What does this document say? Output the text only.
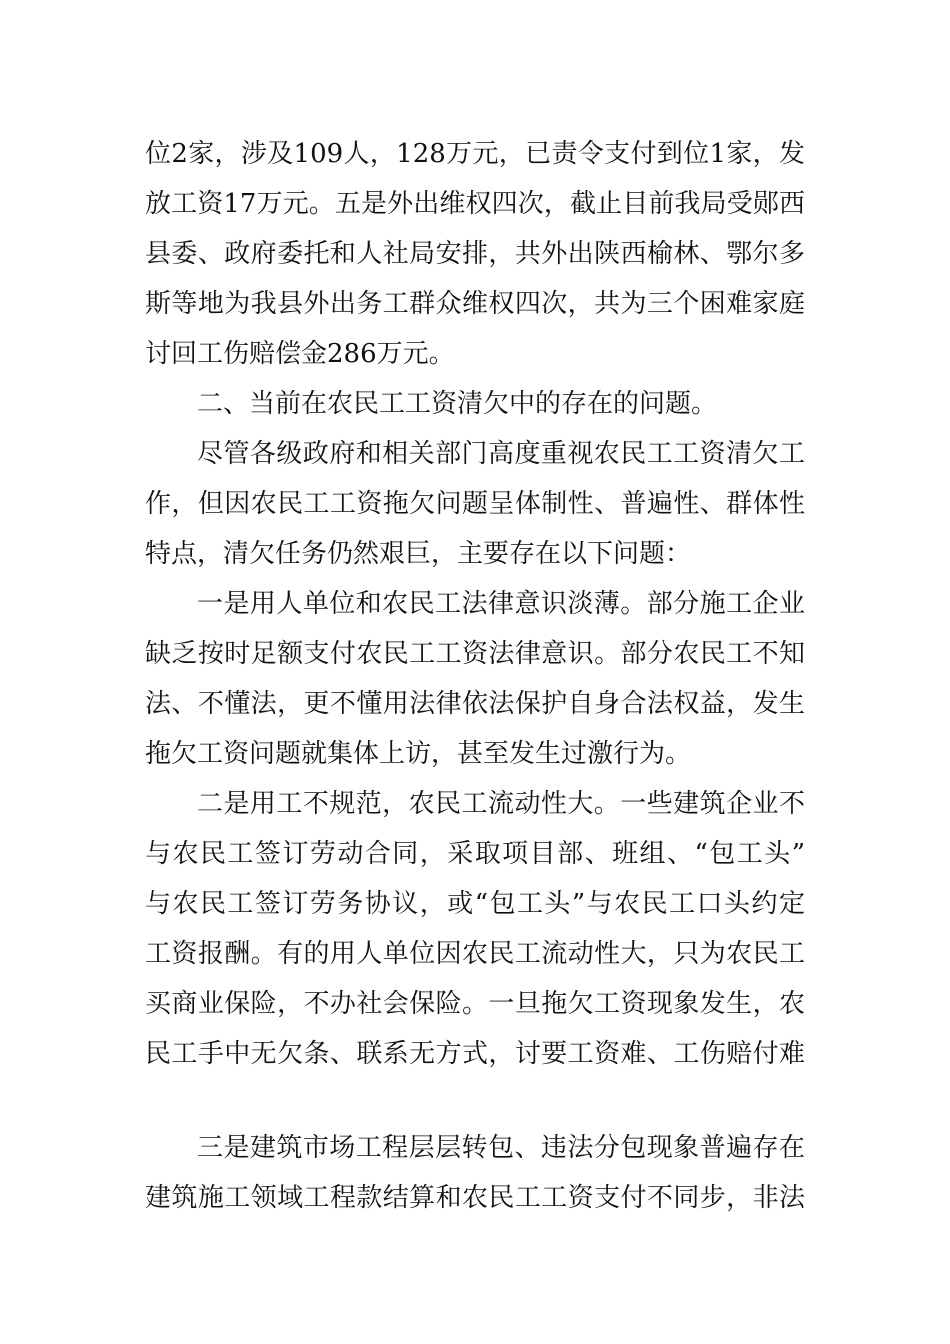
位2家，涉及109人，128万元，已责令支付到位1家，发
放工资17万元。五是外出维权四次，截止目前我局受郧西
县委、政府委托和人社局安排，共外出陕西榆林、鄂尔多
斯等地为我县外出务工群众维权四次，共为三个困难家庭
讨回工伤赔偿金286万元。
二、当前在农民工工资清欠中的存在的问题。
尽管各级政府和相关部门高度重视农民工工资清欠工
作，但因农民工工资拖欠问题呈体制性、普遍性、群体性
特点，清欠任务仍然艰巨，主要存在以下问题：
一是用人单位和农民工法律意识淡薄。部分施工企业
缺乏按时足额支付农民工工资法律意识。部分农民工不知
法、不懂法，更不懂用法律依法保护自身合法权益，发生
拖欠工资问题就集体上访，甚至发生过激行为。
二是用工不规范，农民工流动性大。一些建筑企业不
与农民工签订劳动合同，采取项目部、班组、“包工头”
与农民工签订劳务协议，或“包工头”与农民工口头约定
工资报酬。有的用人单位因农民工流动性大，只为农民工
买商业保险，不办社会保险。一旦拖欠工资现象发生，农
民工手中无欠条、联系无方式，讨要工资难、工伤赔付难
三是建筑市场工程层层转包、违法分包现象普遍存在
建筑施工领域工程款结算和农民工工资支付不同步，非法
